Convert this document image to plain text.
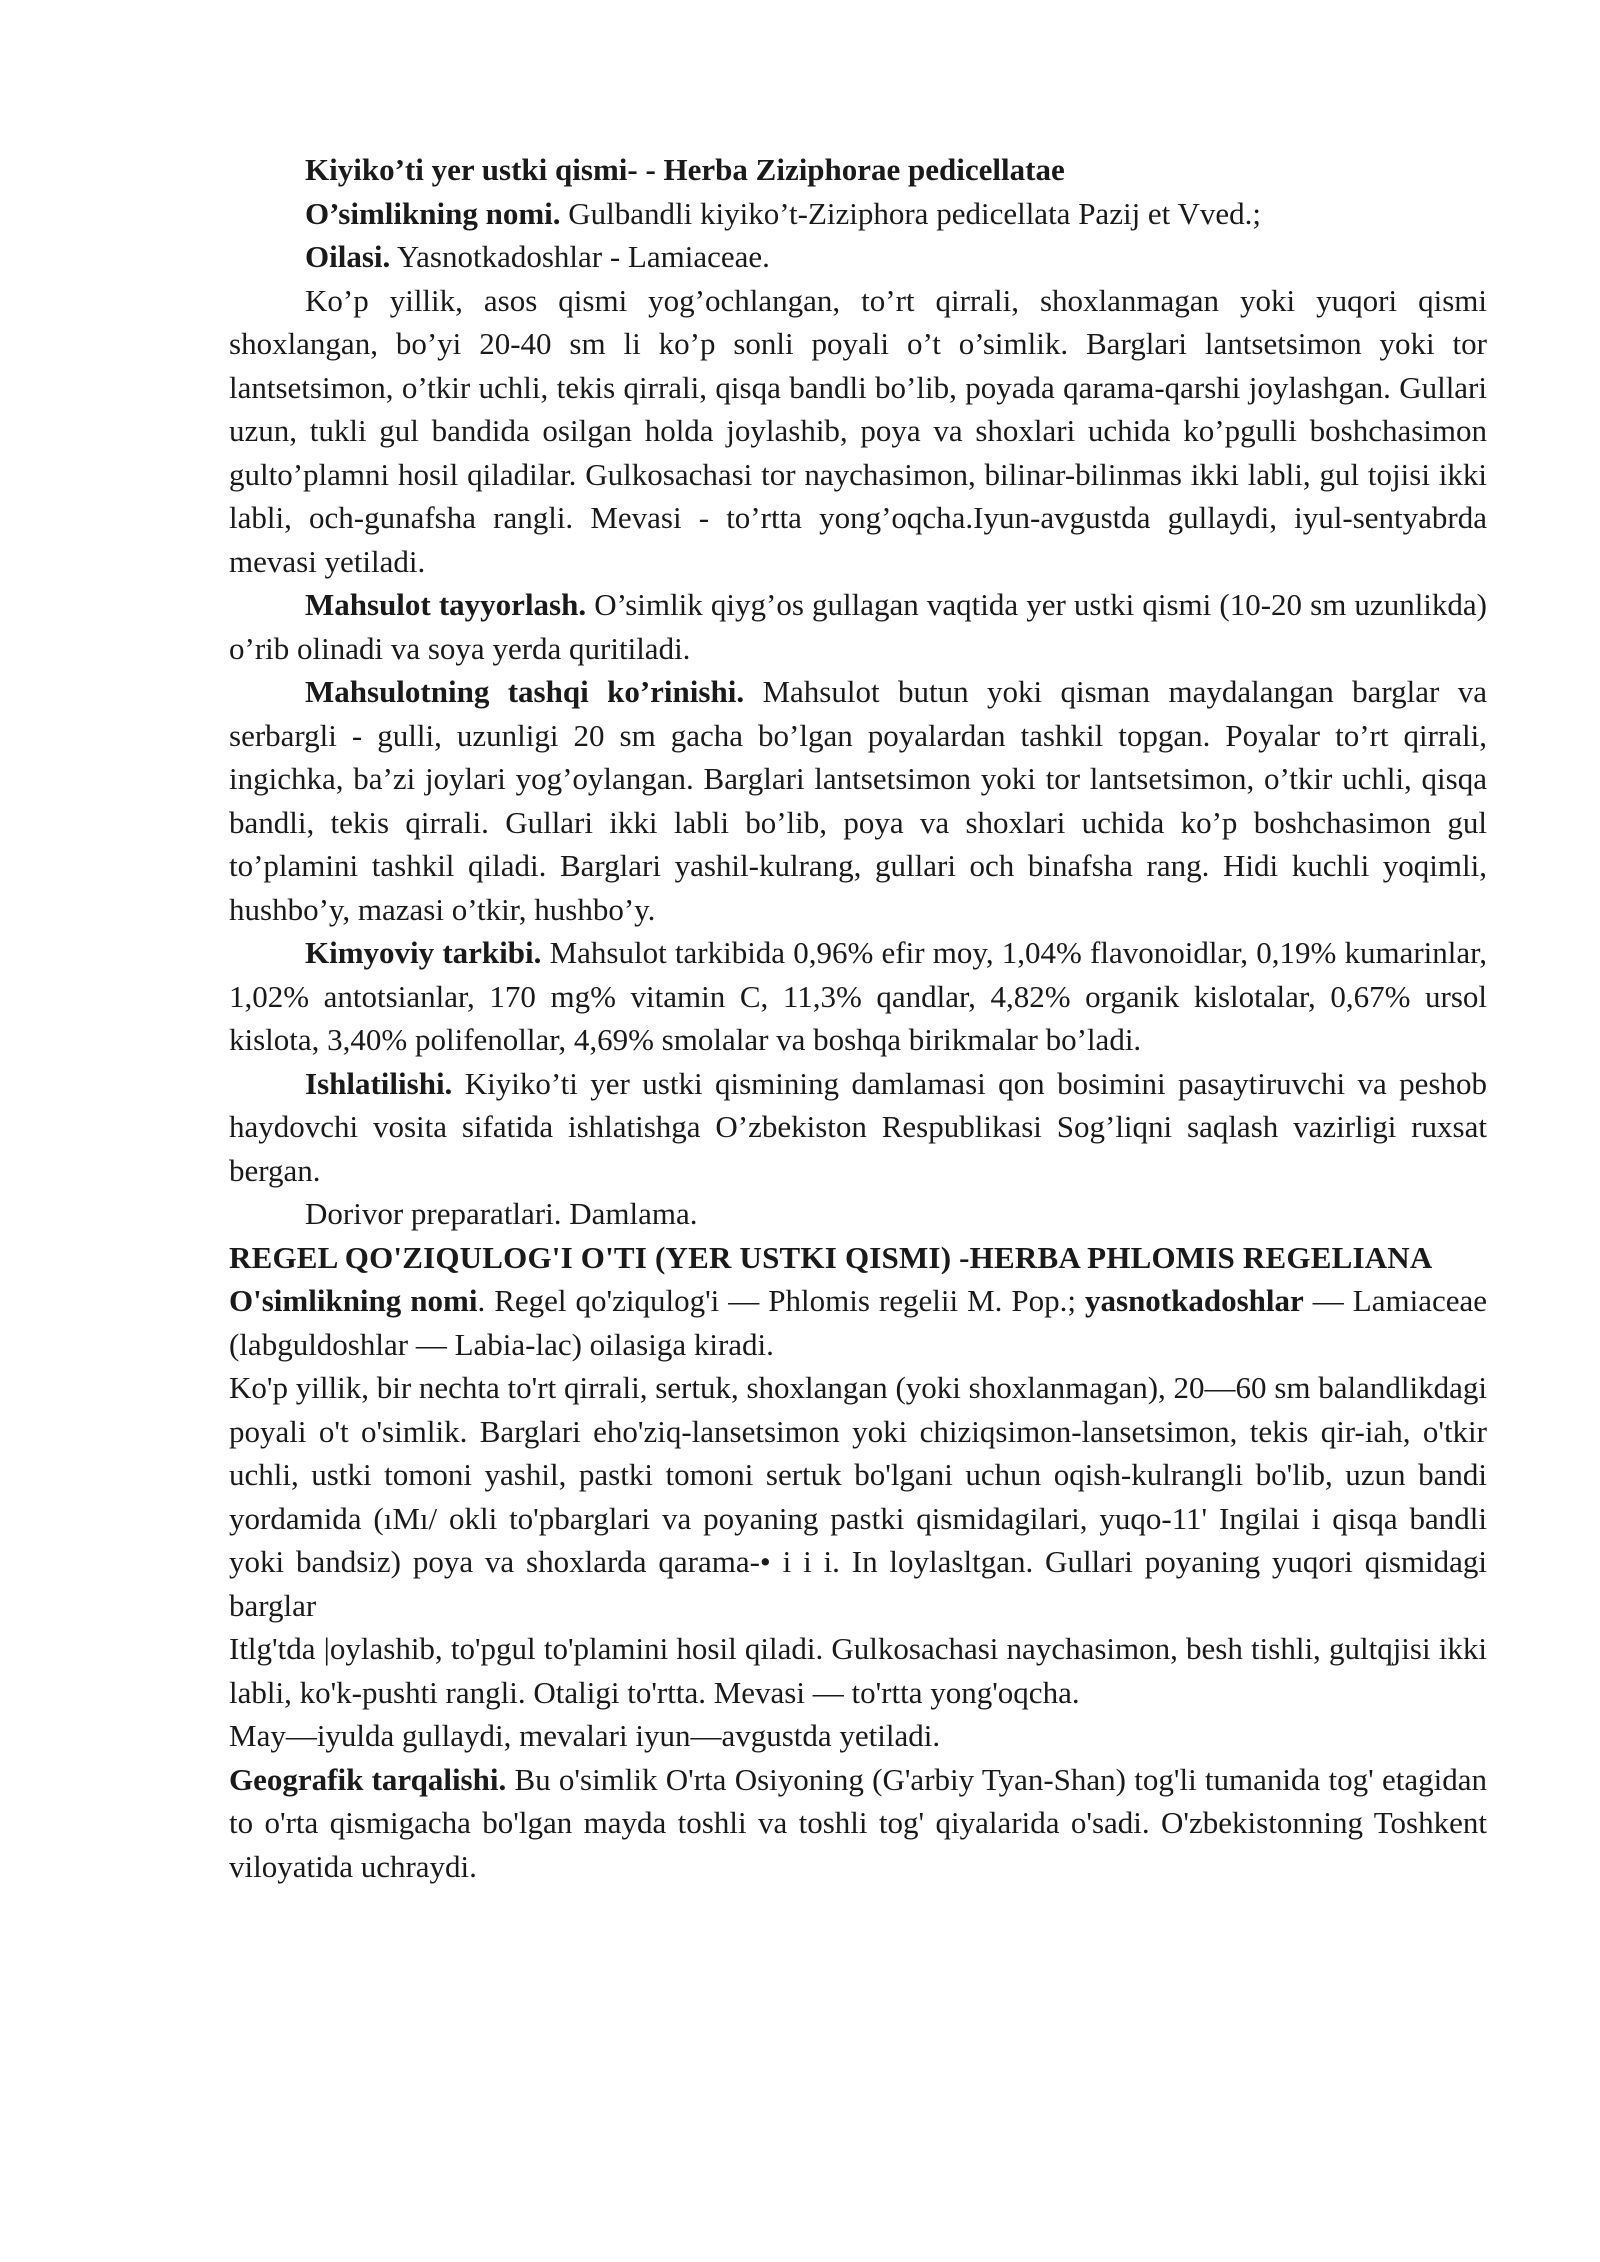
Kiyiko’ti yer ustki qismi- - Herba Ziziphorae pedicellatae

O’simlikning nomi. Gulbandli kiyiko’t-Ziziphora pedicellata Pazij et Vved.;

Oilasi. Yasnotkadoshlar - Lamiaceae.

Ko’p yillik, asos qismi yog’ochlangan, to’rt qirrali, shoxlanmagan yoki yuqori qismi shoxlangan, bo’yi 20-40 sm li ko’p sonli poyali o’t o’simlik. Barglari lantsetsimon yoki tor lantsetsimon, o’tkir uchli, tekis qirrali, qisqa bandli bo’lib, poyada qarama-qarshi joylashgan. Gullari uzun, tukli gul bandida osilgan holda joylashib, poya va shoxlari uchida ko’pgulli boshchasimon gulto’plamni hosil qiladilar. Gulkosachasi tor naychasimon, bilinar-bilinmas ikki labli, gul tojisi ikki labli, och-gunafsha rangli. Mevasi - to’rtta yong’oqcha.Iyun-avgustda gullaydi, iyul-sentyabrda mevasi yetiladi.

Mahsulot tayyorlash. O’simlik qiyg’os gullagan vaqtida yer ustki qismi (10-20 sm uzunlikda) o’rib olinadi va soya yerda quritiladi.

Mahsulotning tashqi ko’rinishi. Mahsulot butun yoki qisman maydalangan barglar va serbargli - gulli, uzunligi 20 sm gacha bo’lgan poyalardan tashkil topgan. Poyalar to’rt qirrali, ingichka, ba’zi joylari yog’oylangan. Barglari lantsetsimon yoki tor lantsetsimon, o’tkir uchli, qisqa bandli, tekis qirrali. Gullari ikki labli bo’lib, poya va shoxlari uchida ko’p boshchasimon gul to’plamini tashkil qiladi. Barglari yashil-kulrang, gullari och binafsha rang. Hidi kuchli yoqimli, hushbo’y, mazasi o’tkir, hushbo’y.

Kimyoviy tarkibi. Mahsulot tarkibida 0,96% efir moy, 1,04% flavonoidlar, 0,19% kumarinlar, 1,02% antotsianlar, 170 mg% vitamin C, 11,3% qandlar, 4,82% organik kislotalar, 0,67% ursol kislota, 3,40% polifenollar, 4,69% smolalar va boshqa birikmalar bo’ladi.

Ishlatilishi. Kiyiko’ti yer ustki qismining damlamasi qon bosimini pasaytiruvchi va peshob haydovchi vosita sifatida ishlatishga O’zbekiston Respublikasi Sog’liqni saqlash vazirligi ruxsat bergan.

Dorivor preparatlari. Damlama.

REGEL QO'ZIQULOG'I O'TI (YER USTKI QISMI) -HERBA PHLOMIS REGELIANA

O'simlikning nomi. Regel qo'ziqulog'i — Phlomis regelii M. Pop.; yasnotkadoshlar — Lamiaceae (labguldoshlar — Labia-lac) oilasiga kiradi.

Ko'p yillik, bir nechta to'rt qirrali, sertuk, shoxlangan (yoki shoxlanmagan), 20—60 sm balandlikdagi poyali o't o'simlik. Barglari eho'ziq-lansetsimon yoki chiziqsimon-lansetsimon, tekis qir-iah, o'tkir uchli, ustki tomoni yashil, pastki tomoni sertuk bo'lgani uchun oqish-kulrangli bo'lib, uzun bandi yordamida (ıMı/ okli to'pbarglari va poyaning pastki qismidagilari, yuqo-11' Ingilai i qisqa bandli yoki bandsiz) poya va shoxlarda qarama-• i i i. In loylasltgan. Gullari poyaning yuqori qismidagi barglar

Itlg'tda |oylashib, to'pgul to'plamini hosil qiladi. Gulkosachasi naychasimon, besh tishli, gultqjisi ikki labli, ko'k-pushti rangli. Otaligi to'rtta. Mevasi — to'rtta yong'oqcha.

May—iyulda gullaydi, mevalari iyun—avgustda yetiladi.

Geografik tarqalishi. Bu o'simlik O'rta Osiyoning (G'arbiy Tyan-Shan) tog'li tumanida tog' etagidan to o'rta qismigacha bo'lgan mayda toshli va toshli tog' qiyalarida o'sadi. O'zbekistonning Toshkent viloyatida uchraydi.
